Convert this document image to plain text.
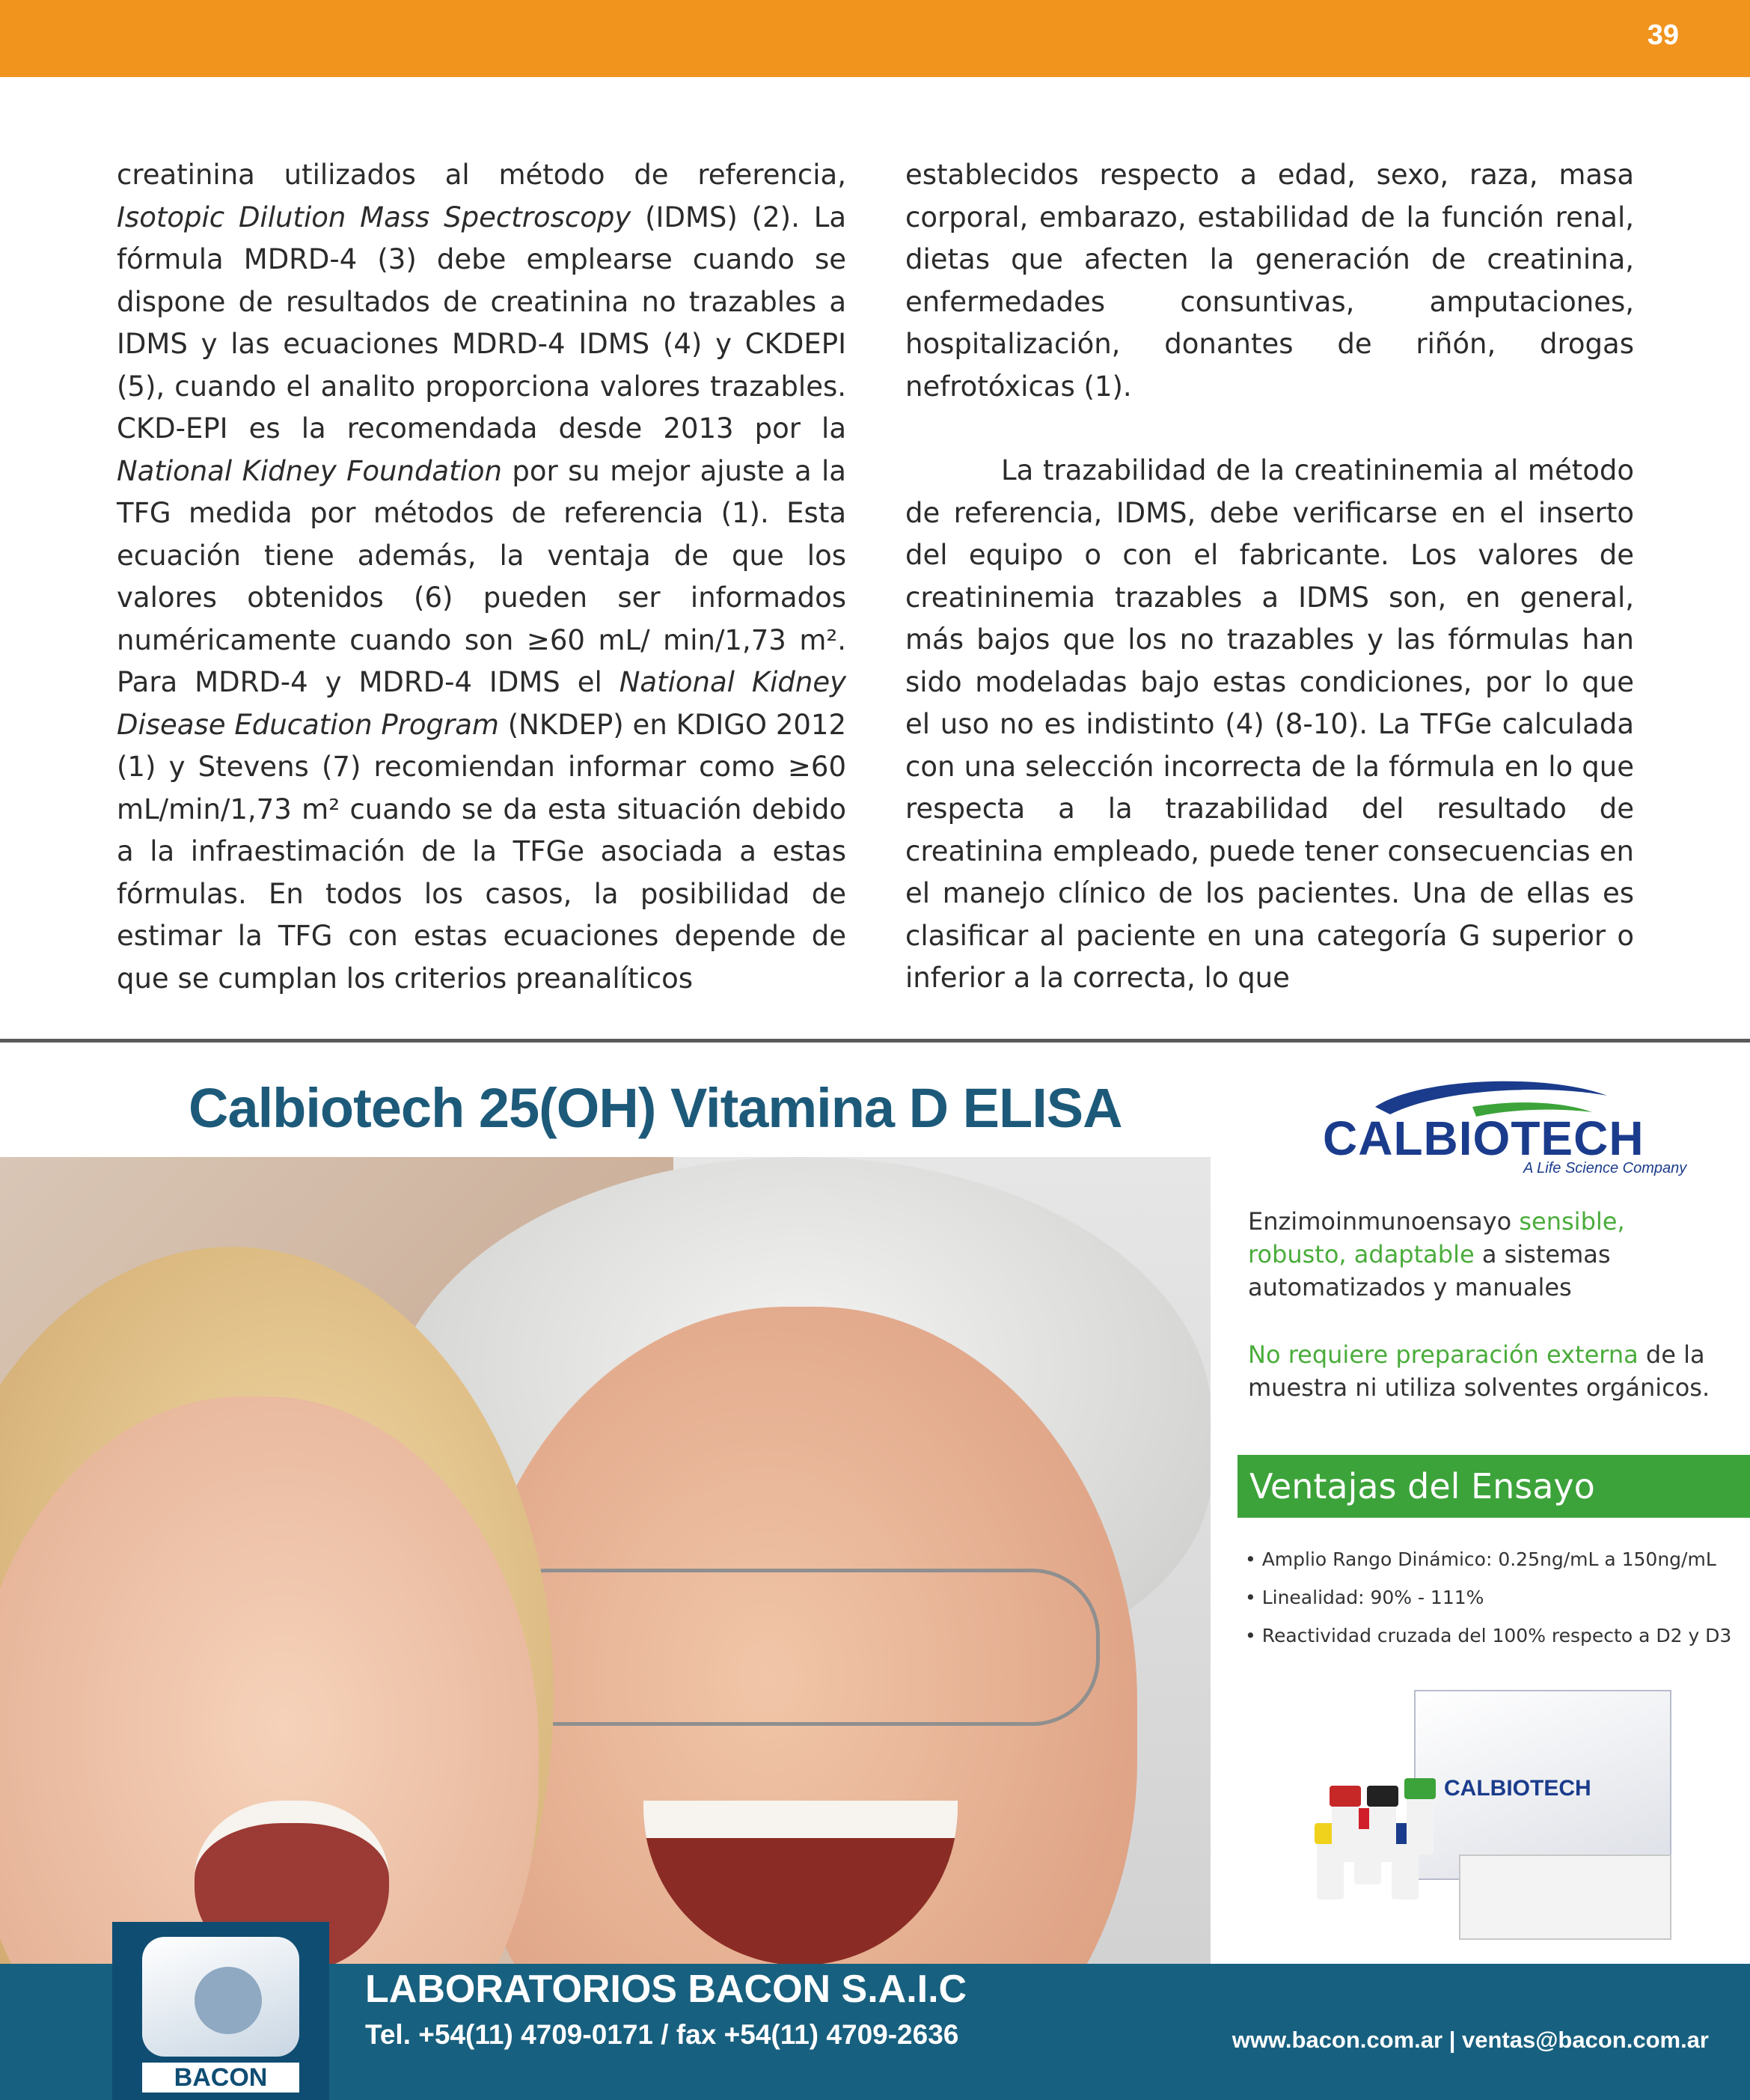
39

creatinina utilizados al método de referencia, Isotopic Dilution Mass Spectroscopy (IDMS) (2). La fórmula MDRD-4 (3) debe emplearse cuando se dispone de resultados de creatinina no trazables a IDMS y las ecuaciones MDRD-4 IDMS (4) y CKDEPI (5), cuando el analito proporciona valores trazables. CKD-EPI es la recomendada desde 2013 por la National Kidney Foundation por su mejor ajuste a la TFG medida por métodos de referencia (1). Esta ecuación tiene además, la ventaja de que los valores obtenidos (6) pueden ser informados numéricamente cuando son ≥60 mL/ min/1,73 m². Para MDRD-4 y MDRD-4 IDMS el National Kidney Disease Education Program (NKDEP) en KDIGO 2012 (1) y Stevens (7) recomiendan informar como ≥60 mL/min/1,73 m² cuando se da esta situación debido a la infraestimación de la TFGe asociada a estas fórmulas. En todos los casos, la posibilidad de estimar la TFG con estas ecuaciones depende de que se cumplan los criterios preanalíticos

establecidos respecto a edad, sexo, raza, masa corporal, embarazo, estabilidad de la función renal, dietas que afecten la generación de creatinina, enfermedades consuntivas, amputaciones, hospitalización, donantes de riñón, drogas nefrotóxicas (1).

La trazabilidad de la creatininemia al método de referencia, IDMS, debe verificarse en el inserto del equipo o con el fabricante. Los valores de creatininemia trazables a IDMS son, en general, más bajos que los no trazables y las fórmulas han sido modeladas bajo estas condiciones, por lo que el uso no es indistinto (4) (8-10). La TFGe calculada con una selección incorrecta de la fórmula en lo que respecta a la trazabilidad del resultado de creatinina empleado, puede tener consecuencias en el manejo clínico de los pacientes. Una de ellas es clasificar al paciente en una categoría G superior o inferior a la correcta, lo que

Calbiotech 25(OH) Vitamina D ELISA	CALBIOTECH
A Life Science Company
Enzimoinmunoensayo sensible, robusto, adaptable a sistemas automatizados y manuales
No requiere preparación externa de la muestra ni utiliza solventes orgánicos.
Ventajas del Ensayo
• Amplio Rango Dinámico: 0.25ng/mL a 150ng/mL
• Linealidad: 90% - 111%
• Reactividad cruzada del 100% respecto a D2 y D3
CALBIOTECH
BACON
LABORATORIOS BACON S.A.I.C
Tel. +54(11) 4709-0171 / fax +54(11) 4709-2636	www.bacon.com.ar | ventas@bacon.com.ar
